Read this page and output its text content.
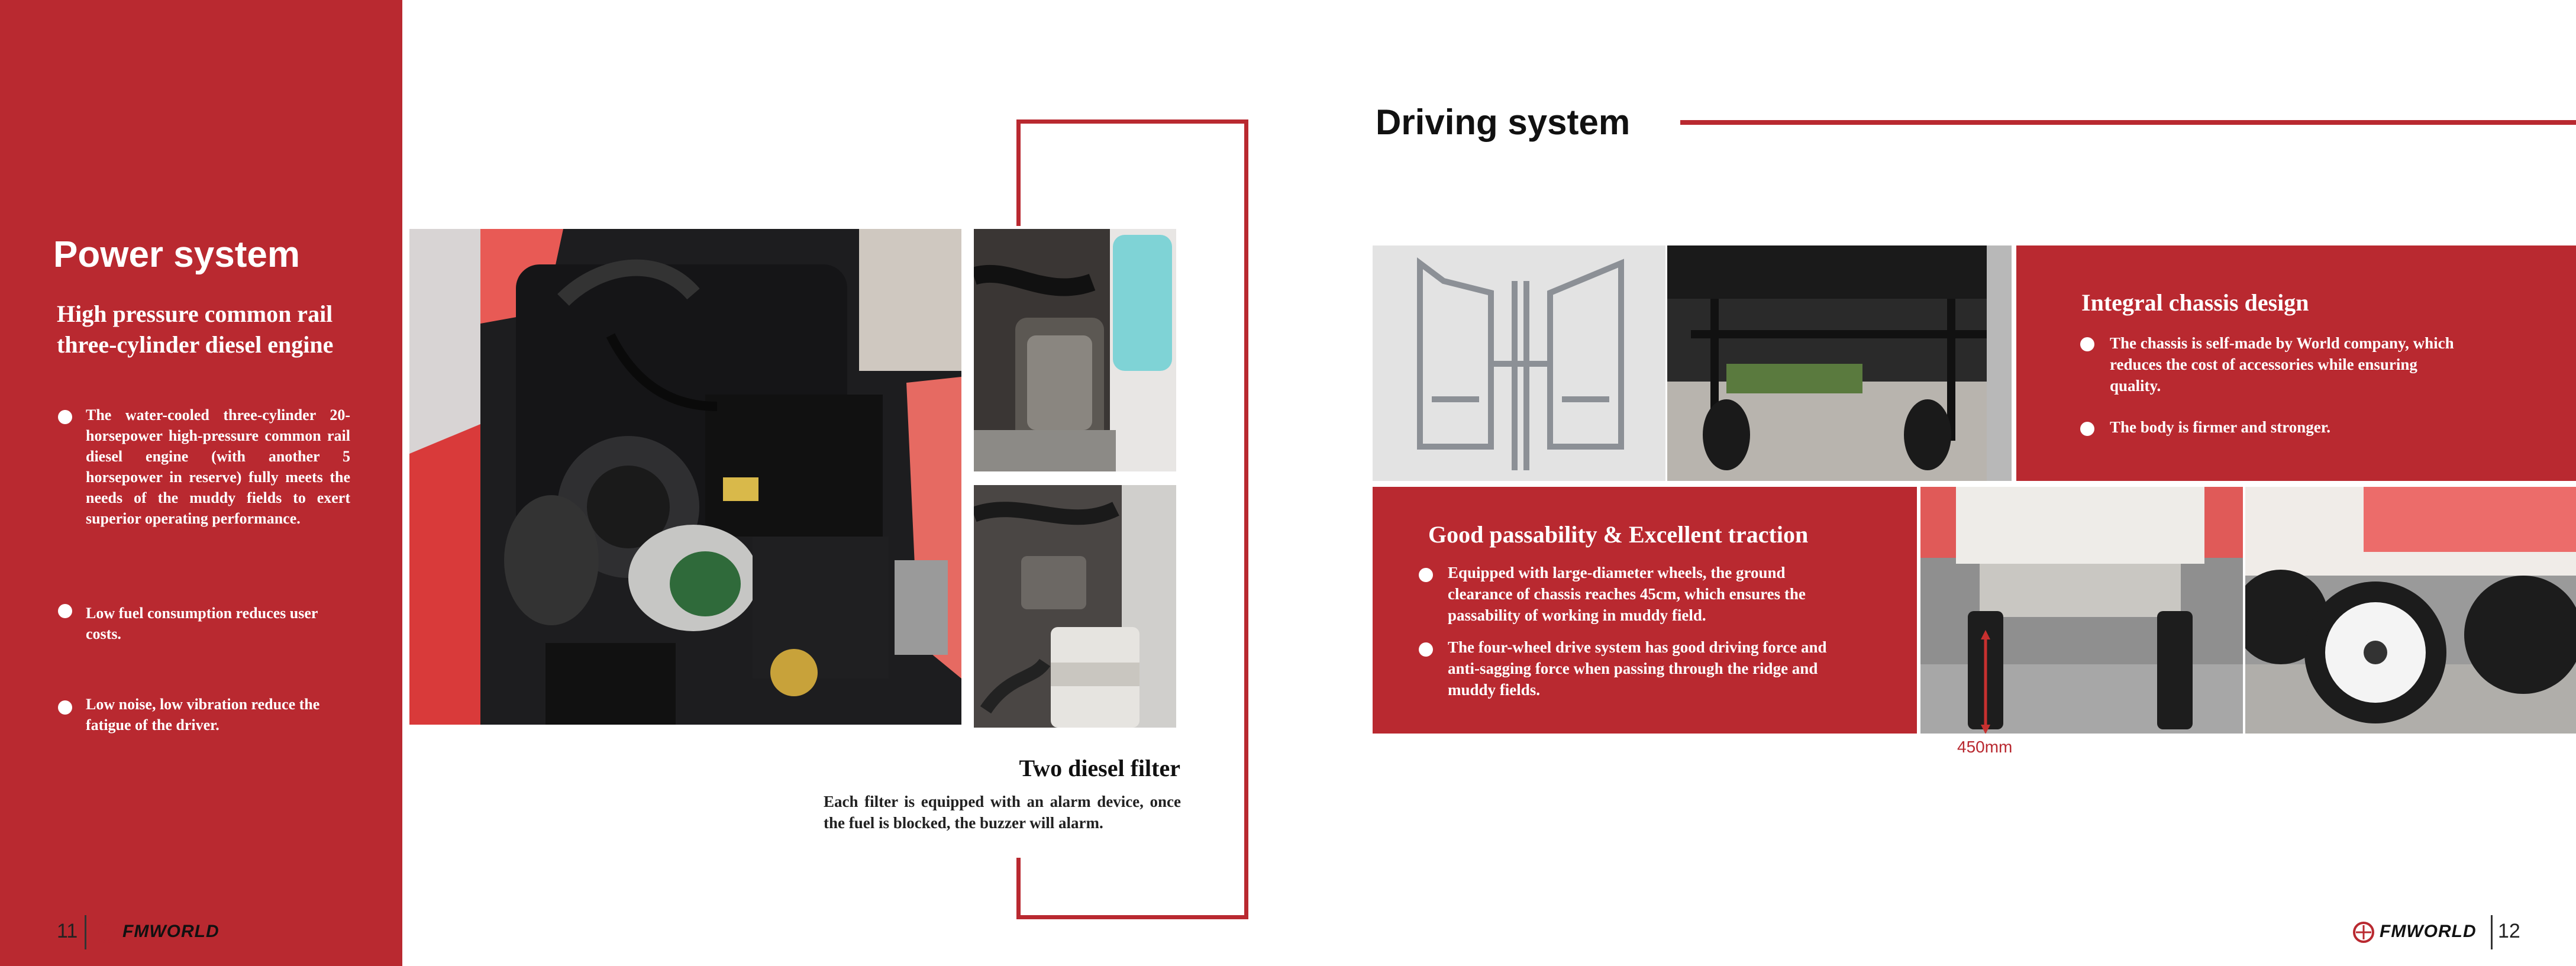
Power system
High pressure common rail three-cylinder diesel engine
The water-cooled three-cylinder 20-horsepower high-pressure common rail diesel engine (with another 5 horsepower in reserve) fully meets the needs of the muddy fields to exert superior operating performance.
Low fuel consumption reduces user costs.
Low noise, low vibration reduce the fatigue of the driver.
11	FMWORLD
Two diesel filter
Each filter is equipped with an alarm device, once the fuel is blocked, the buzzer will alarm.
Driving system
Integral chassis design
The chassis is self-made by World company, which reduces the cost of accessories while ensuring quality.
The body is firmer and stronger.
Good passability & Excellent traction
Equipped with large-diameter wheels, the ground clearance of chassis reaches 45cm, which ensures the passability of working in muddy field.
The four-wheel drive system has good driving force and anti-sagging force when passing through the ridge and muddy fields.
450mm
FMWORLD 12
